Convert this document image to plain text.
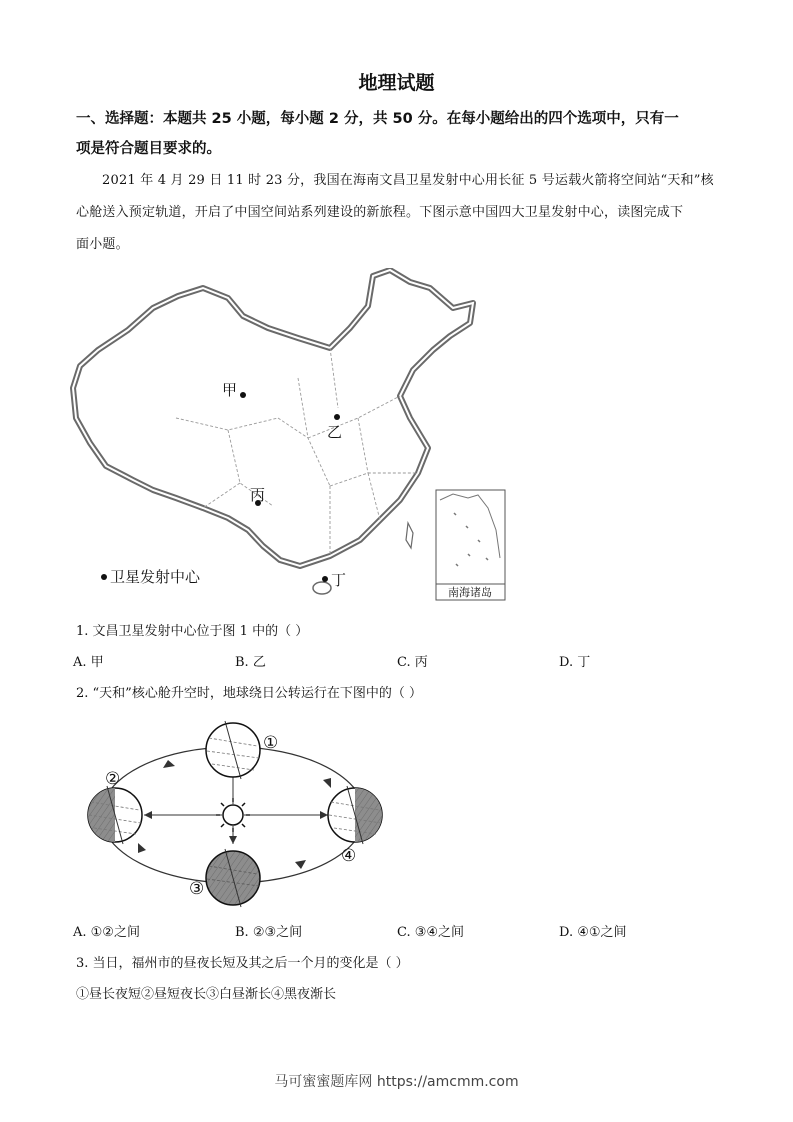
地理试题
一、选择题：本题共 25 小题，每小题 2 分，共 50 分。在每小题给出的四个选项中，只有一
项是符合题目要求的。
2021 年 4 月 29 日 11 时 23 分，我国在海南文昌卫星发射中心用长征 5 号运载火箭将空间站“天和”核
心舱送入预定轨道，开启了中国空间站系列建设的新旅程。下图示意中国四大卫星发射中心，读图完成下
面小题。
甲
乙
丙
丁
卫星发射中心
南海诸岛
1. 文昌卫星发射中心位于图 1 中的（ ）
A. 甲	B. 乙	C. 丙	D. 丁
2. “天和”核心舱升空时，地球绕日公转运行在下图中的（ ）
①
②
③
④
A. ①②之间	B. ②③之间	C. ③④之间	D. ④①之间
3. 当日，福州市的昼夜长短及其之后一个月的变化是（ ）
①昼长夜短②昼短夜长③白昼渐长④黑夜渐长
马可蜜蜜题库网 https://amcmm.com
